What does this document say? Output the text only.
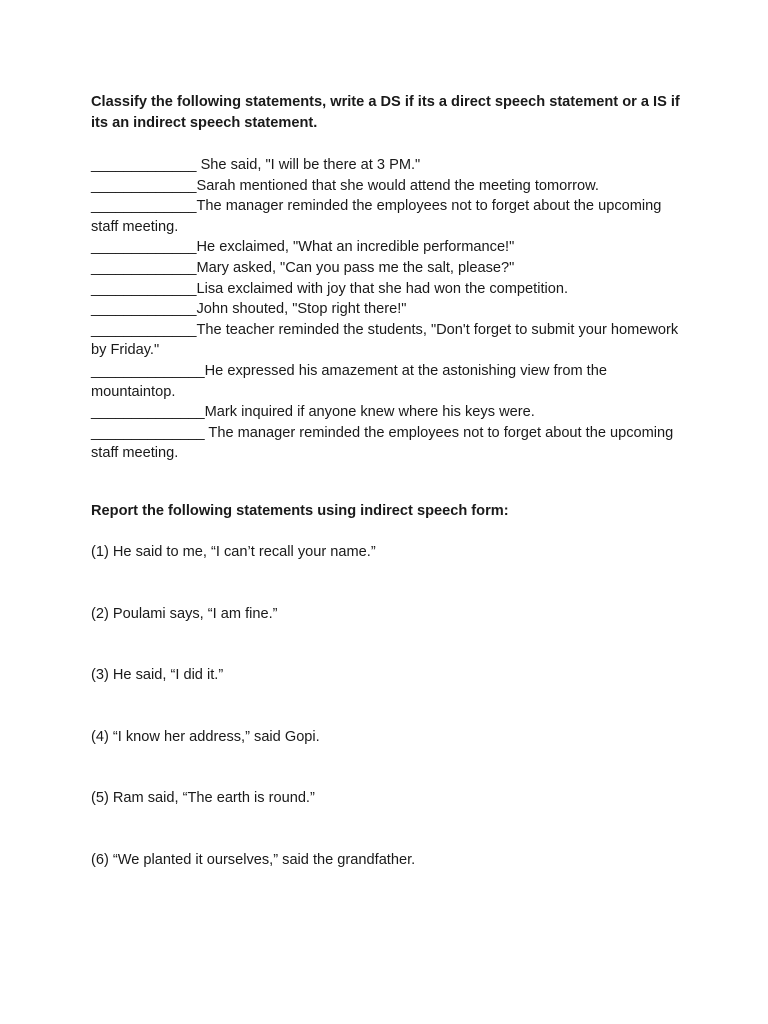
Classify the following statements, write a DS if its a direct speech statement or a IS if its an indirect speech statement.

_____________ She said, "I will be there at 3 PM."

_____________Sarah mentioned that she would attend the meeting tomorrow.

_____________The manager reminded the employees not to forget about the upcoming staff meeting.

_____________He exclaimed, "What an incredible performance!"

_____________Mary asked, "Can you pass me the salt, please?"

_____________Lisa exclaimed with joy that she had won the competition.

_____________John shouted, "Stop right there!"

_____________The teacher reminded the students, "Don't forget to submit your homework by Friday."

______________He expressed his amazement at the astonishing view from the mountaintop.

______________Mark inquired if anyone knew where his keys were.

______________ The manager reminded the employees not to forget about the upcoming staff meeting.

Report the following statements using indirect speech form:

(1) He said to me, “I can’t recall your name.”

(2) Poulami says, “I am fine.”

(3) He said, “I did it.”

(4) “I know her address,” said Gopi.

(5) Ram said, “The earth is round.”

(6) “We planted it ourselves,” said the grandfather.
